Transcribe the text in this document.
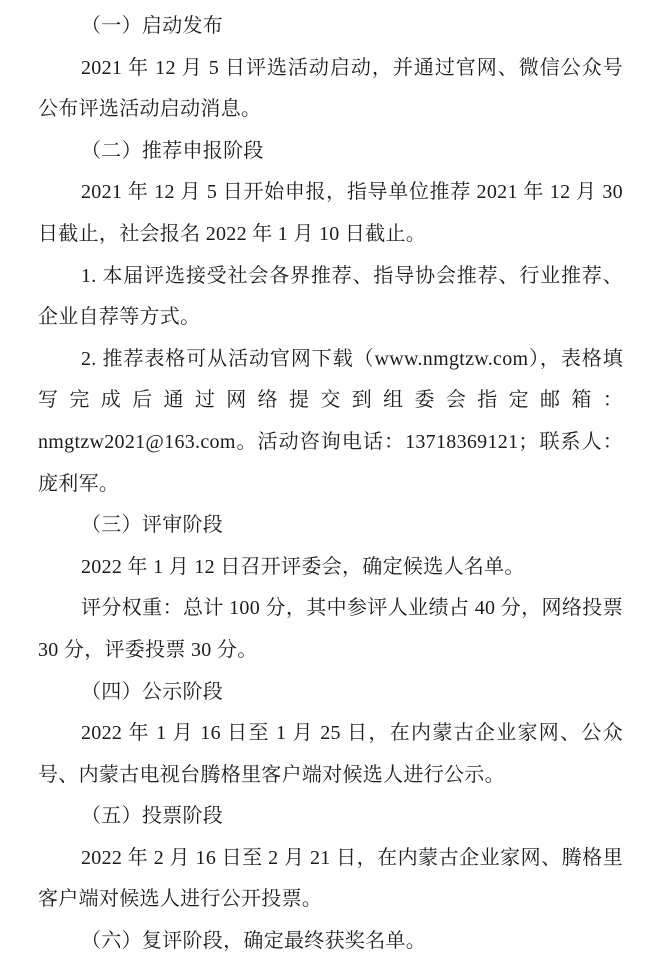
（一）启动发布

2021 年 12 月 5 日评选活动启动，并通过官网、微信公众号公布评选活动启动消息。

（二）推荐申报阶段

2021 年 12 月 5 日开始申报，指导单位推荐 2021 年 12 月 30 日截止，社会报名 2022 年 1 月 10 日截止。

1. 本届评选接受社会各界推荐、指导协会推荐、行业推荐、企业自荐等方式。

2. 推荐表格可从活动官网下载（www.nmgtzw.com），表格填写完成后通过网络提交到组委会指定邮箱：nmgtzw2021@163.com。活动咨询电话：13718369121；联系人：庞利军。

（三）评审阶段

2022 年 1 月 12 日召开评委会，确定候选人名单。

评分权重：总计 100 分，其中参评人业绩占 40 分，网络投票 30 分，评委投票 30 分。

（四）公示阶段

2022 年 1 月 16 日至 1 月 25 日，在内蒙古企业家网、公众号、内蒙古电视台腾格里客户端对候选人进行公示。

（五）投票阶段

2022 年 2 月 16 日至 2 月 21 日，在内蒙古企业家网、腾格里客户端对候选人进行公开投票。

（六）复评阶段，确定最终获奖名单。
